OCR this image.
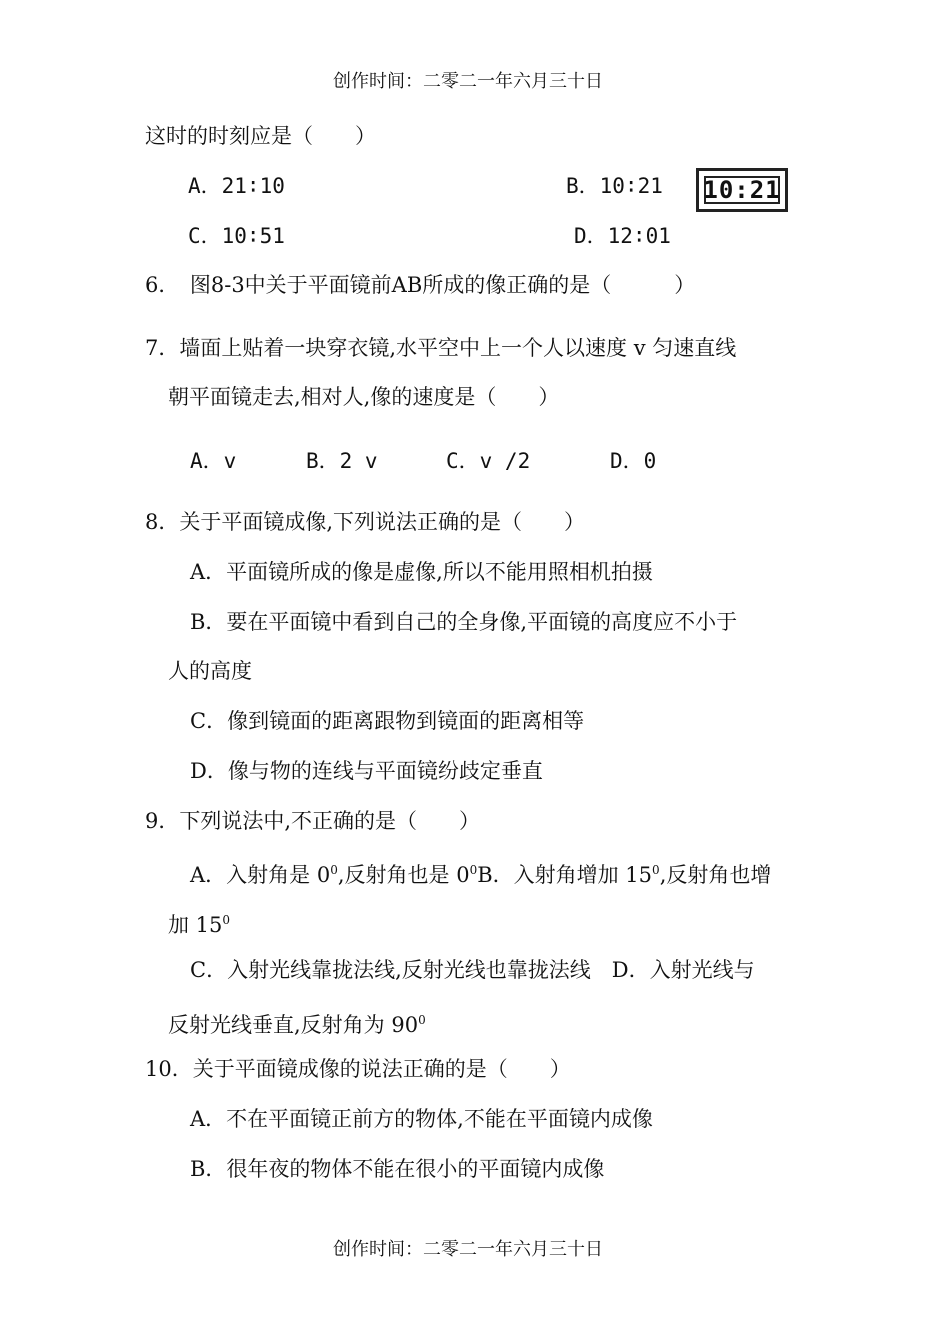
创作时间：二零二一年六月三十日
这时的时刻应是（　　）
A．21∶10	B．10∶21 10:21
C．10∶51	D．12∶01
6．　图8-3中关于平面镜前AB所成的像正确的是（　　　）
7．墙面上贴着一块穿衣镜,水平空中上一个人以速度 v 匀速直线
朝平面镜走去,相对人,像的速度是（　　）
A．v	B．2 v	C．v /2	D．0
8．关于平面镜成像,下列说法正确的是（　　）
A．平面镜所成的像是虚像,所以不能用照相机拍摄
B．要在平面镜中看到自己的全身像,平面镜的高度应不小于
人的高度
C．像到镜面的距离跟物到镜面的距离相等
D．像与物的连线与平面镜纷歧定垂直
9．下列说法中,不正确的是（　　）
A．入射角是 $0^0$,反射角也是 $0^0B$．入射角增加 $15^0$,反射角也增
加 $15^0$
C．入射光线靠拢法线,反射光线也靠拢法线　D．入射光线与
反射光线垂直,反射角为 $90^0$
10．关于平面镜成像的说法正确的是（　　）
A．不在平面镜正前方的物体,不能在平面镜内成像
B．很年夜的物体不能在很小的平面镜内成像
创作时间：二零二一年六月三十日
